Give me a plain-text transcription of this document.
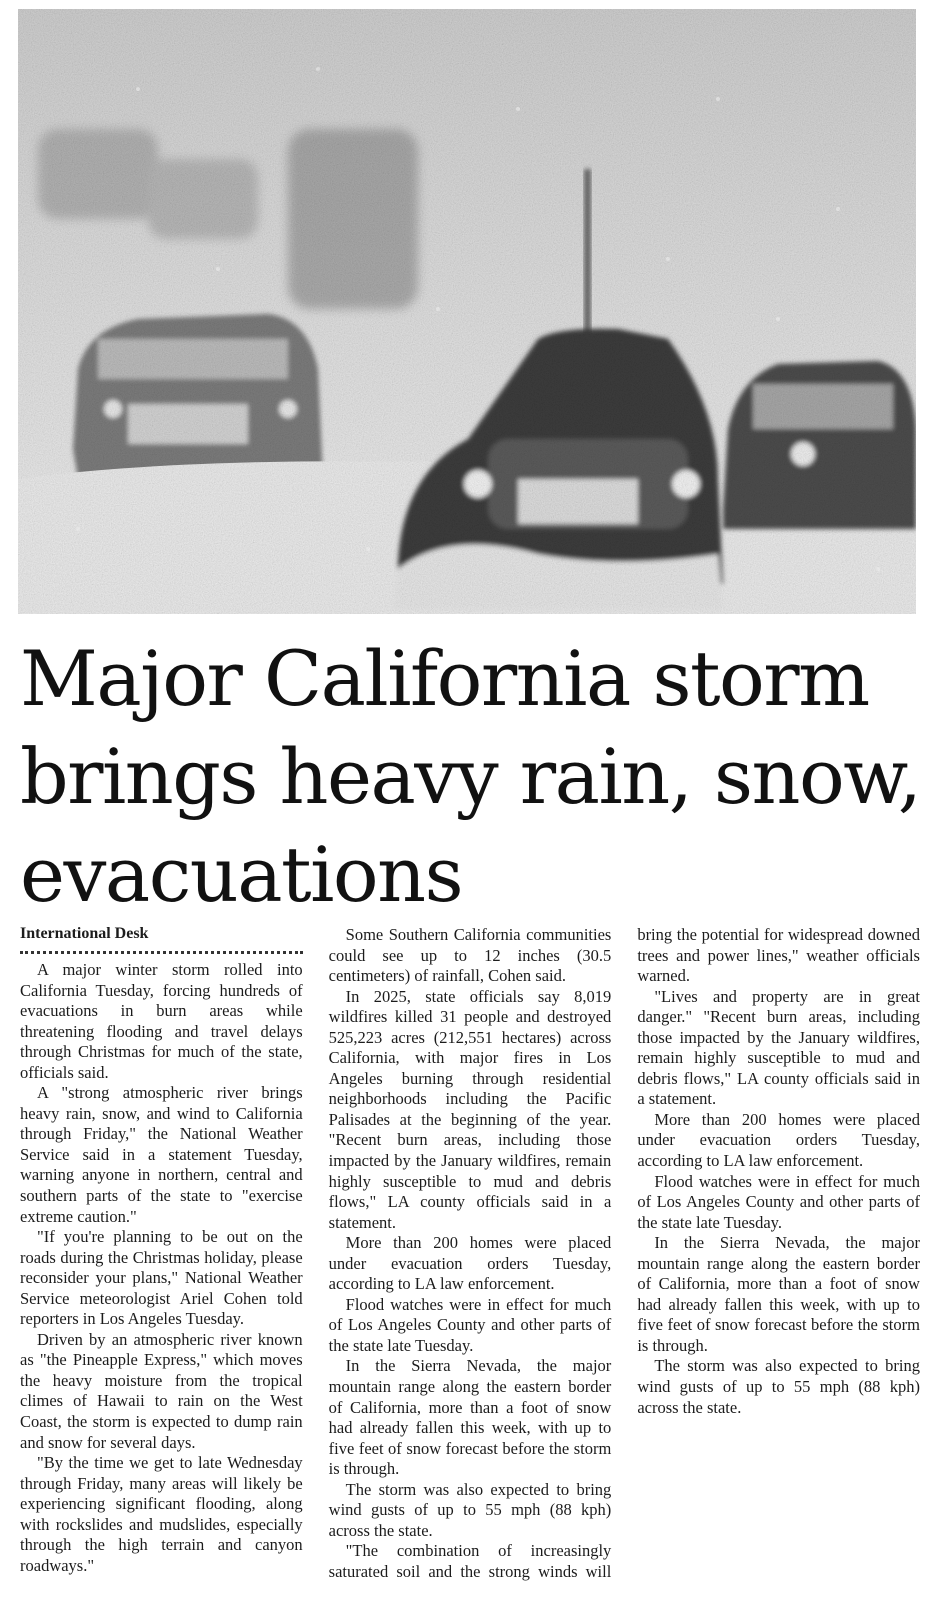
Major California storm brings heavy rain, snow, evacuations
International Desk

A major winter storm rolled into California Tuesday, forcing hundreds of evacuations in burn areas while threatening flooding and travel delays through Christmas for much of the state, officials said.

A "strong atmospheric river brings heavy rain, snow, and wind to California through Friday," the National Weather Service said in a statement Tuesday, warning anyone in northern, central and southern parts of the state to "exercise extreme caution."

"If you're planning to be out on the roads during the Christmas holiday, please reconsider your plans," National Weather Service meteorologist Ariel Cohen told reporters in Los Angeles Tuesday.

Driven by an atmospheric river known as "the Pineapple Express," which moves the heavy moisture from the tropical climes of Hawaii to rain on the West Coast, the storm is expected to dump rain and snow for several days.

"By the time we get to late Wednesday through Friday, many areas will likely be experiencing significant flooding, along with rockslides and mudslides, especially through the high terrain and canyon roadways."

Some Southern California communities could see up to 12 inches (30.5 centimeters) of rainfall, Cohen said.

In 2025, state officials say 8,019 wildfires killed 31 people and destroyed 525,223 acres (212,551 hectares) across California, with major fires in Los Angeles burning through residential neighborhoods including the Pacific Palisades at the beginning of the year. "Recent burn areas, including those impacted by the January wildfires, remain highly susceptible to mud and debris flows," LA county officials said in a statement.

More than 200 homes were placed under evacuation orders Tuesday, according to LA law enforcement.

Flood watches were in effect for much of Los Angeles County and other parts of the state late Tuesday.

In the Sierra Nevada, the major mountain range along the eastern border of California, more than a foot of snow had already fallen this week, with up to five feet of snow forecast before the storm is through.

The storm was also expected to bring wind gusts of up to 55 mph (88 kph) across the state.

"The combination of increasingly saturated soil and the strong winds will bring the potential for widespread downed trees and power lines," weather officials warned.

"Lives and property are in great danger." "Recent burn areas, including those impacted by the January wildfires, remain highly susceptible to mud and debris flows," LA county officials said in a statement.

More than 200 homes were placed under evacuation orders Tuesday, according to LA law enforcement.

Flood watches were in effect for much of Los Angeles County and other parts of the state late Tuesday.

In the Sierra Nevada, the major mountain range along the eastern border of California, more than a foot of snow had already fallen this week, with up to five feet of snow forecast before the storm is through.

The storm was also expected to bring wind gusts of up to 55 mph (88 kph) across the state.
